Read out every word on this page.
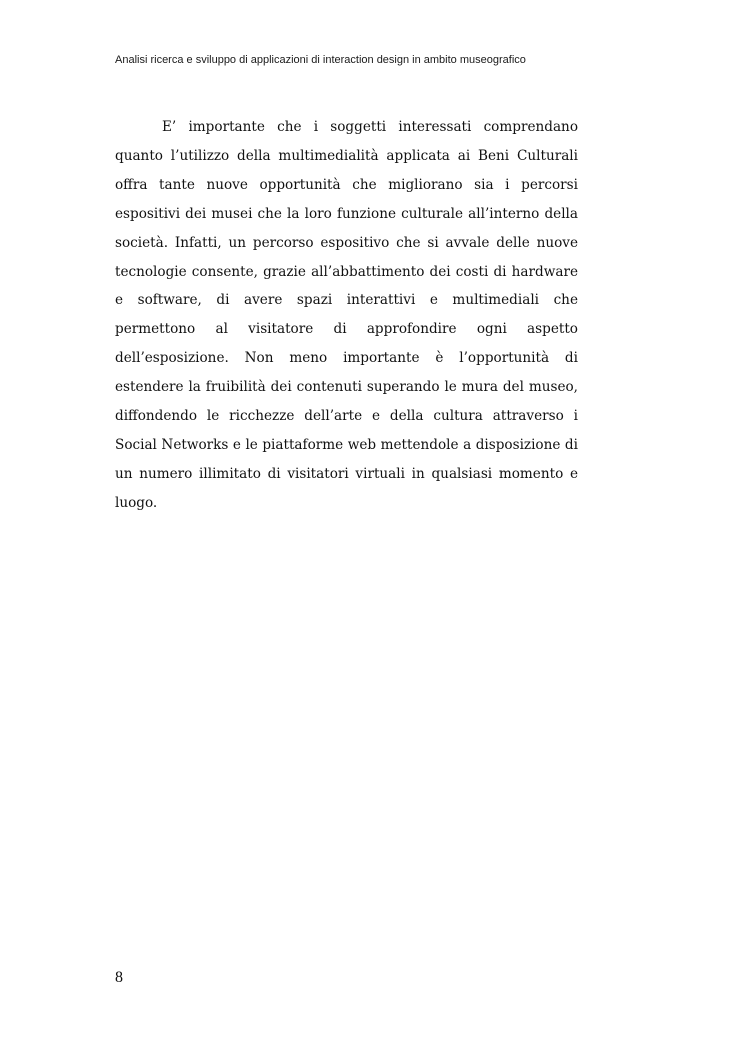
Analisi ricerca e sviluppo di applicazioni di interaction design in ambito museografico

E’ importante che i soggetti interessati comprendano quanto l’utilizzo della multimedialità applicata ai Beni Culturali offra tante nuove opportunità che migliorano sia i percorsi espositivi dei musei che la loro funzione culturale all’interno della società. Infatti, un percorso espositivo che si avvale delle nuove tecnologie consente, grazie all’abbattimento dei costi di hardware e software, di avere spazi interattivi e multimediali che permettono al visitatore di approfondire ogni aspetto dell’esposizione. Non meno importante è l’opportunità di estendere la fruibilità dei contenuti superando le mura del museo, diffondendo le ricchezze dell’arte e della cultura attraverso i Social Networks e le piattaforme web mettendole a disposizione di un numero illimitato di visitatori virtuali in qualsiasi momento e luogo.

8
